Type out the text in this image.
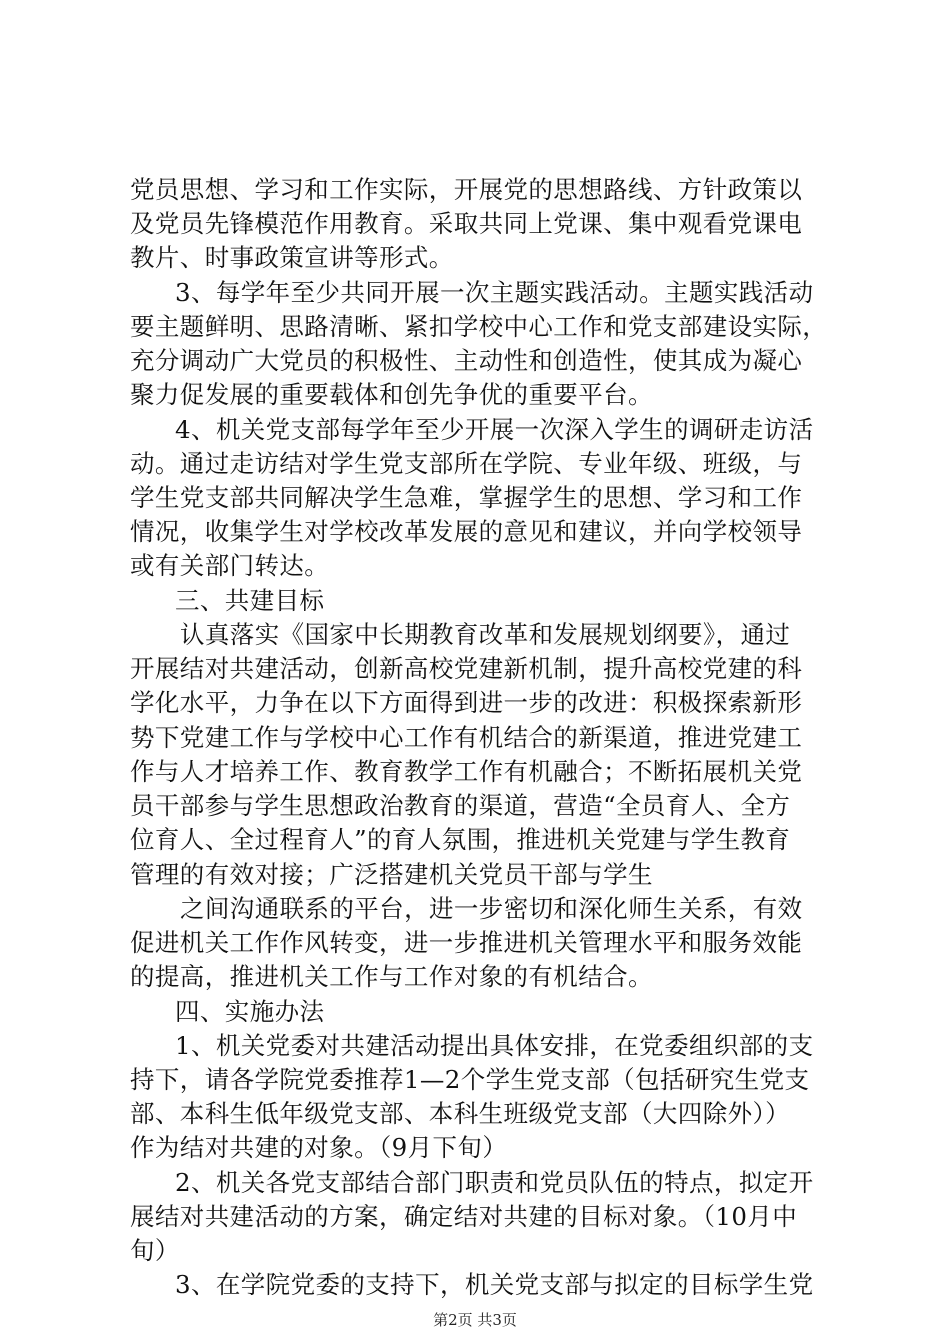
党员思想、学习和工作实际，开展党的思想路线、方针政策以
及党员先锋模范作用教育。采取共同上党课、集中观看党课电
教片、时事政策宣讲等形式。
3、每学年至少共同开展一次主题实践活动。主题实践活动
要主题鲜明、思路清晰、紧扣学校中心工作和党支部建设实际，
充分调动广大党员的积极性、主动性和创造性，使其成为凝心
聚力促发展的重要载体和创先争优的重要平台。
4、机关党支部每学年至少开展一次深入学生的调研走访活
动。通过走访结对学生党支部所在学院、专业年级、班级，与
学生党支部共同解决学生急难，掌握学生的思想、学习和工作
情况，收集学生对学校改革发展的意见和建议，并向学校领导
或有关部门转达。
三、共建目标
认真落实《国家中长期教育改革和发展规划纲要》，通过
开展结对共建活动，创新高校党建新机制，提升高校党建的科
学化水平，力争在以下方面得到进一步的改进：积极探索新形
势下党建工作与学校中心工作有机结合的新渠道，推进党建工
作与人才培养工作、教育教学工作有机融合；不断拓展机关党
员干部参与学生思想政治教育的渠道，营造“全员育人、全方
位育人、全过程育人”的育人氛围，推进机关党建与学生教育
管理的有效对接；广泛搭建机关党员干部与学生
之间沟通联系的平台，进一步密切和深化师生关系，有效
促进机关工作作风转变，进一步推进机关管理水平和服务效能
的提高，推进机关工作与工作对象的有机结合。
四、实施办法
1、机关党委对共建活动提出具体安排，在党委组织部的支
持下，请各学院党委推荐1—2个学生党支部（包括研究生党支
部、本科生低年级党支部、本科生班级党支部（大四除外））
作为结对共建的对象。（9月下旬）
2、机关各党支部结合部门职责和党员队伍的特点，拟定开
展结对共建活动的方案，确定结对共建的目标对象。（10月中
旬）
3、在学院党委的支持下，机关党支部与拟定的目标学生党
第2页 共3页
